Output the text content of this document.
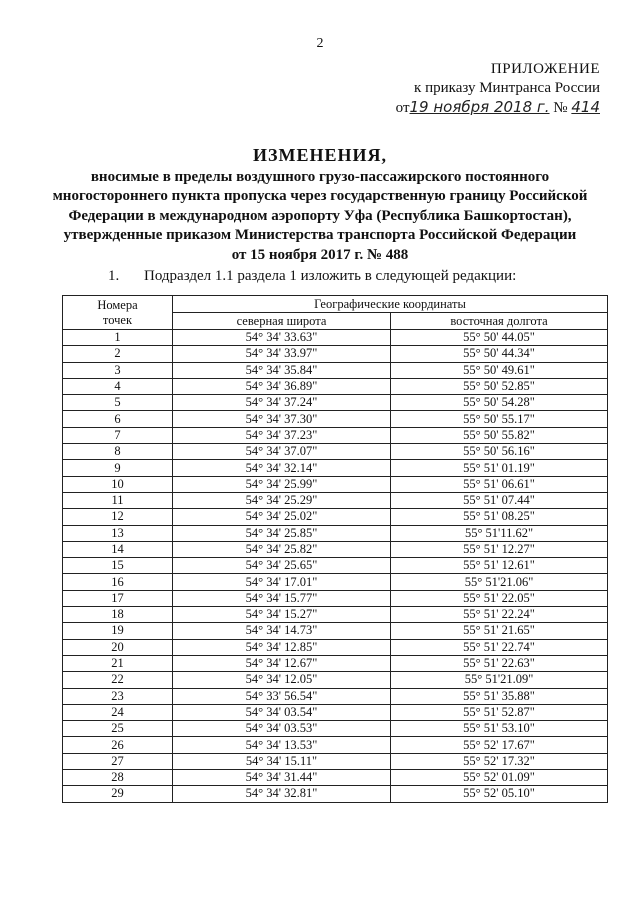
2
ПРИЛОЖЕНИЕ
к приказу Минтранса России
от19 ноября 2018 г. № 414
ИЗМЕНЕНИЯ,
вносимые в пределы воздушного грузо-пассажирского постоянного
многостороннего пункта пропуска через государственную границу Российской
Федерации в международном аэропорту Уфа (Республика Башкортостан),
утвержденные приказом Министерства транспорта Российской Федерации
от 15 ноября 2017 г. № 488
1. Подраздел 1.1 раздела 1 изложить в следующей редакции:
Номера
точек	Географические координаты	
	северная широта	восточная долгота
1	54° 34' 33.63"	55° 50' 44.05"
2	54° 34' 33.97"	55° 50' 44.34"
3	54° 34' 35.84"	55° 50' 49.61"
4	54° 34' 36.89"	55° 50' 52.85"
5	54° 34' 37.24"	55° 50' 54.28"
6	54° 34' 37.30"	55° 50' 55.17"
7	54° 34' 37.23"	55° 50' 55.82"
8	54° 34' 37.07"	55° 50' 56.16"
9	54° 34' 32.14"	55° 51' 01.19"
10	54° 34' 25.99"	55° 51' 06.61"
11	54° 34' 25.29"	55° 51' 07.44"
12	54° 34' 25.02"	55° 51' 08.25"
13	54° 34' 25.85"	55° 51'11.62"
14	54° 34' 25.82"	55° 51' 12.27"
15	54° 34' 25.65"	55° 51' 12.61"
16	54° 34' 17.01"	55° 51'21.06"
17	54° 34' 15.77"	55° 51' 22.05"
18	54° 34' 15.27"	55° 51' 22.24"
19	54° 34' 14.73"	55° 51' 21.65"
20	54° 34' 12.85"	55° 51' 22.74"
21	54° 34' 12.67"	55° 51' 22.63"
22	54° 34' 12.05"	55° 51'21.09"
23	54° 33' 56.54"	55° 51' 35.88"
24	54° 34' 03.54"	55° 51' 52.87"
25	54° 34' 03.53"	55° 51' 53.10"
26	54° 34' 13.53"	55° 52' 17.67"
27	54° 34' 15.11"	55° 52' 17.32"
28	54° 34' 31.44"	55° 52' 01.09"
29	54° 34' 32.81"	55° 52' 05.10"
